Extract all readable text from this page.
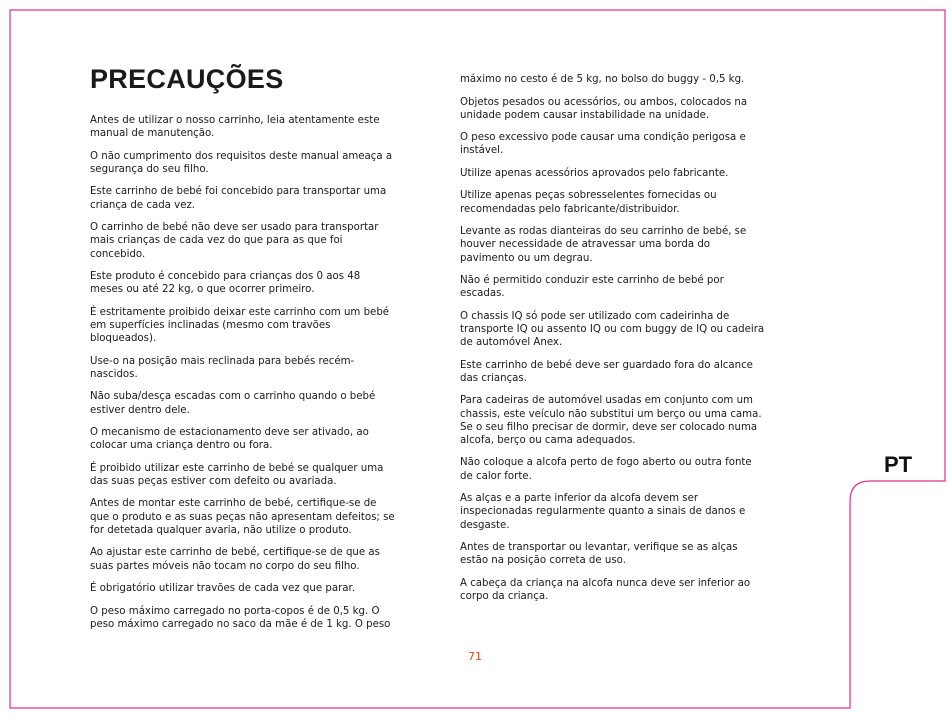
PRECAUÇÕES

Antes de utilizar o nosso carrinho, leia atentamente este manual de manutenção.

O não cumprimento dos requisitos deste manual ameaça a segurança do seu filho.

Este carrinho de bebé foi concebido para transportar uma criança de cada vez.

O carrinho de bebé não deve ser usado para transportar mais crianças de cada vez do que para as que foi concebido.

Este produto é concebido para crianças dos 0 aos 48 meses ou até 22 kg, o que ocorrer primeiro.

É estritamente proibido deixar este carrinho com um bebé em superfícies inclinadas (mesmo com travões bloqueados).

Use-o na posição mais reclinada para bebés recém-nascidos.

Não suba/desça escadas com o carrinho quando o bebé estiver dentro dele.

O mecanismo de estacionamento deve ser ativado, ao colocar uma criança dentro ou fora.

É proibido utilizar este carrinho de bebé se qualquer uma das suas peças estiver com defeito ou avariada.

Antes de montar este carrinho de bebé, certifique-se de que o produto e as suas peças não apresentam defeitos; se for detetada qualquer avaria, não utilize o produto.

Ao ajustar este carrinho de bebé, certifique-se de que as suas partes móveis não tocam no corpo do seu filho.

É obrigatório utilizar travões de cada vez que parar.

O peso máximo carregado no porta-copos é de 0,5 kg. O peso máximo carregado no saco da mãe é de 1 kg. O peso

máximo no cesto é de 5 kg, no bolso do buggy - 0,5 kg.

Objetos pesados ou acessórios, ou ambos, colocados na unidade podem causar instabilidade na unidade.

O peso excessivo pode causar uma condição perigosa e instável.

Utilize apenas acessórios aprovados pelo fabricante.

Utilize apenas peças sobresselentes fornecidas ou recomendadas pelo fabricante/distribuidor.

Levante as rodas dianteiras do seu carrinho de bebé, se houver necessidade de atravessar uma borda do pavimento ou um degrau.

Não é permitido conduzir este carrinho de bebé por escadas.

O chassis IQ só pode ser utilizado com cadeirinha de transporte IQ ou assento IQ ou com buggy de IQ ou cadeira de automóvel Anex.

Este carrinho de bebé deve ser guardado fora do alcance das crianças.

Para cadeiras de automóvel usadas em conjunto com um chassis, este veículo não substitui um berço ou uma cama. Se o seu filho precisar de dormir, deve ser colocado numa alcofa, berço ou cama adequados.

Não coloque a alcofa perto de fogo aberto ou outra fonte de calor forte.

As alças e a parte inferior da alcofa devem ser inspecionadas regularmente quanto a sinais de danos e desgaste.

Antes de transportar ou levantar, verifique se as alças estão na posição correta de uso.

A cabeça da criança na alcofa nunca deve ser inferior ao corpo da criança.

PT
71
